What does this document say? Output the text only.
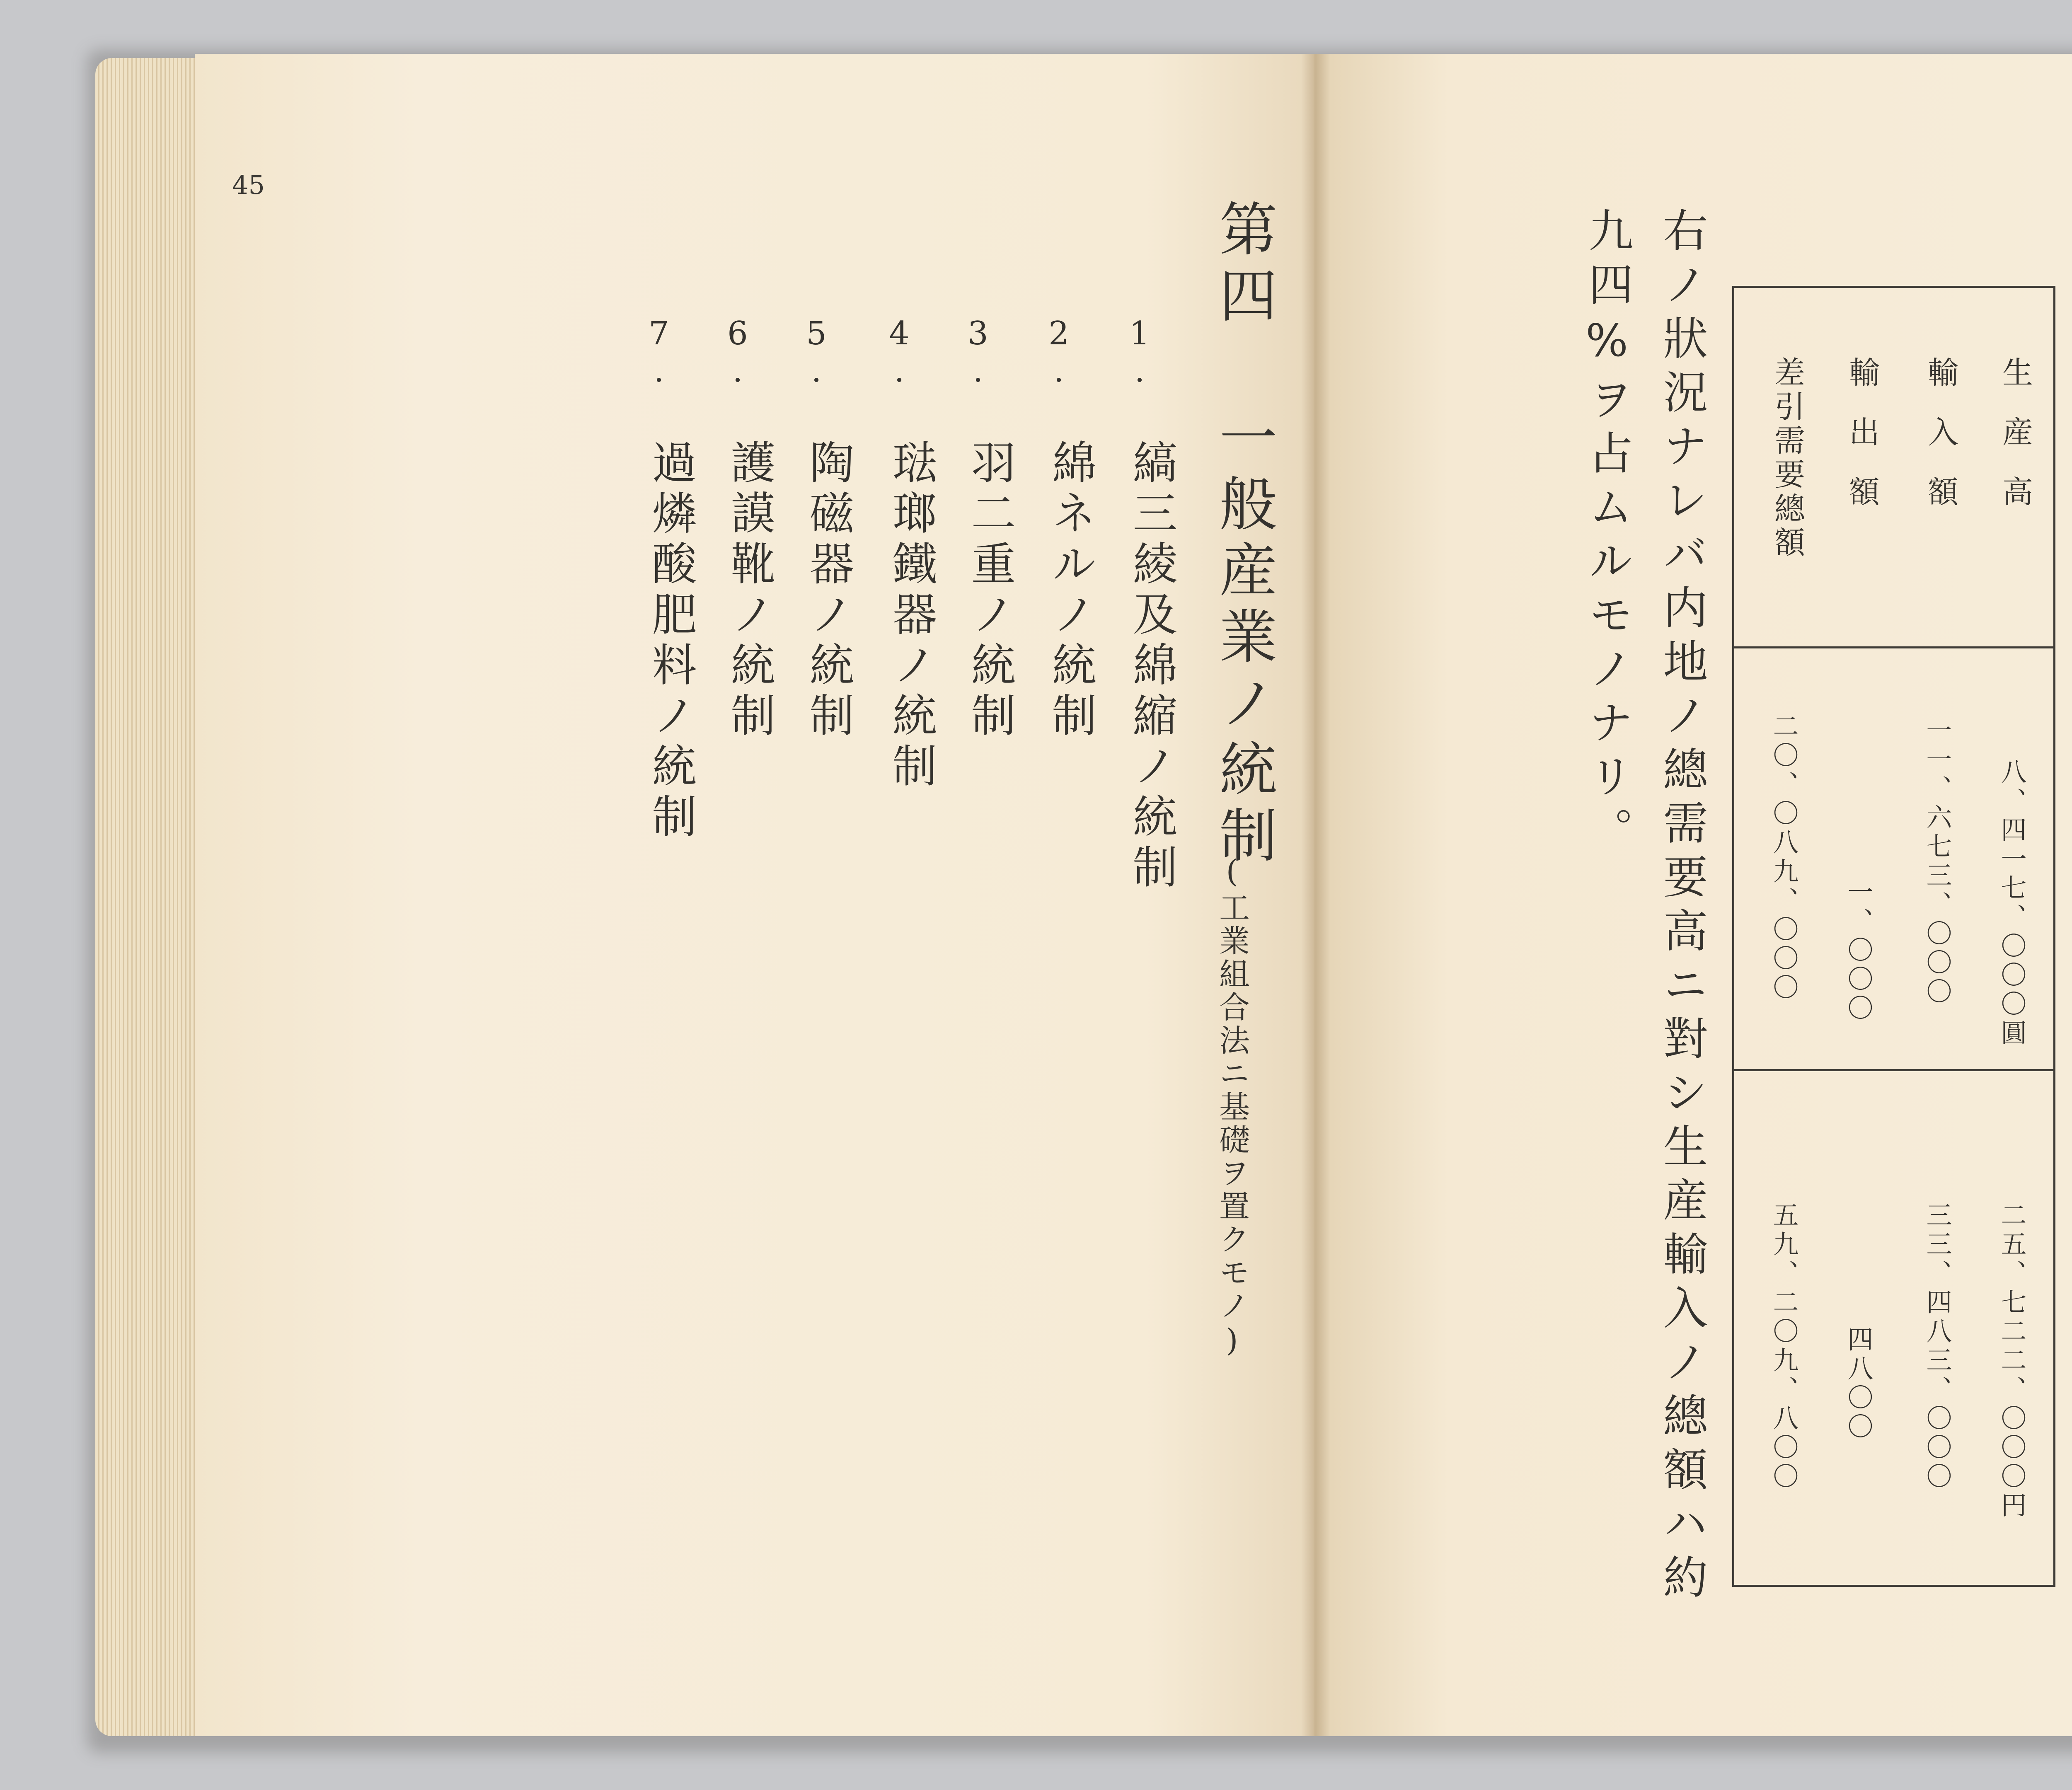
45
第四 一般産業ノ統制
(工業組合法ニ基礎ヲ置クモノ)
1.
2.
3.
4.
5.
6.
7.
縞三綾及綿縮ノ統制
綿ネルノ統制
羽二重ノ統制
琺瑯鐵器ノ統制
陶磁器ノ統制
護謨靴ノ統制
過燐酸肥料ノ統制	生産高
輸入額
輸出額
差引需要總額
八、四一七、〇〇〇圓
一一、六七三、〇〇〇
一、〇〇〇
二〇、〇八九、〇〇〇
二五、七二二、〇〇〇円
三三、四八三、〇〇〇
四八〇〇
五九、二〇九、八〇〇
右ノ狀況ナレバ内地ノ總需要高ニ對シ生産輸入ノ總額ハ約
九四%ヲ占ムルモノナリ。
